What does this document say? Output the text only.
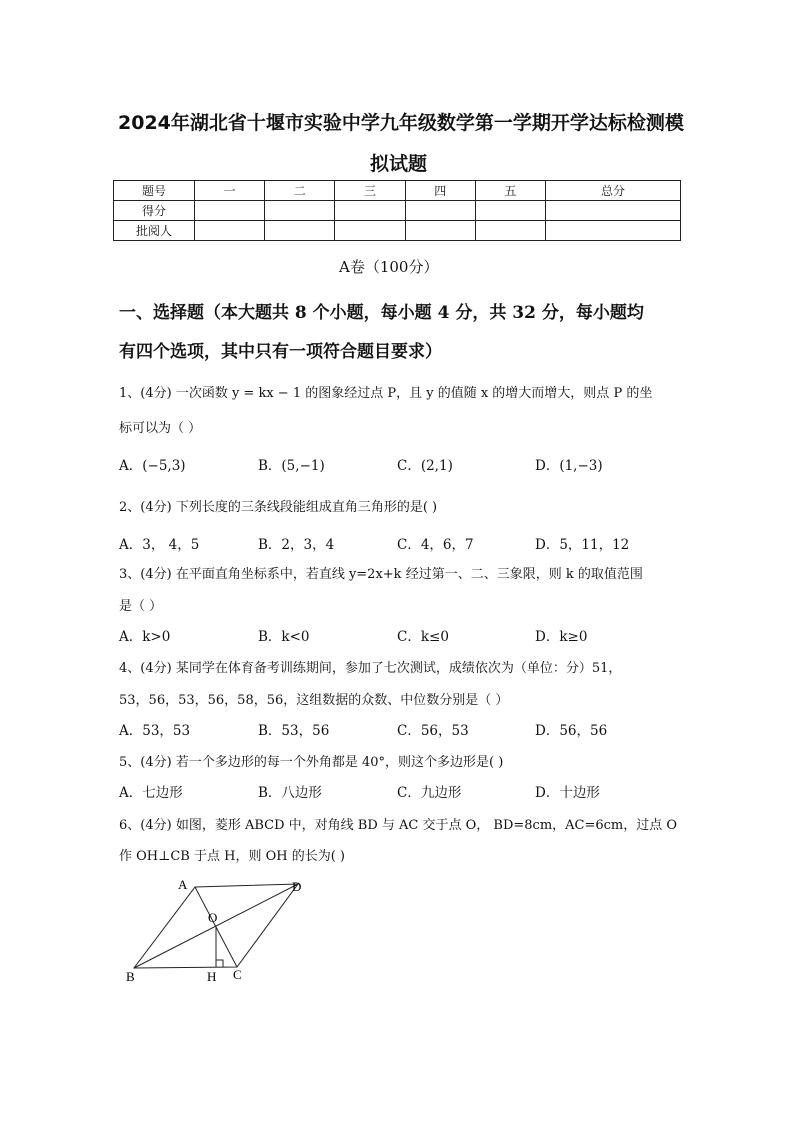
2024年湖北省十堰市实验中学九年级数学第一学期开学达标检测模
拟试题
题号	一	二	三	四	五	总分
得分						
批阅人						
A卷（100分）
一、选择题（本大题共 8 个小题，每小题 4 分，共 32 分，每小题均
有四个选项，其中只有一项符合题目要求）
1、(4分) 一次函数 y = kx − 1 的图象经过点 P，且 y 的值随 x 的增大而增大，则点 P 的坐
标可以为（ ）
A．(−5,3)	B．(5,−1)	C．(2,1)	D．(1,−3)
2、(4分) 下列长度的三条线段能组成直角三角形的是( )
A．3， 4，5	B．2，3，4	C．4，6，7	D．5，11，12
3、(4分) 在平面直角坐标系中，若直线 y=2x+k 经过第一、二、三象限，则 k 的取值范围
是（ ）
A．k>0	B．k<0	C．k≤0	D．k≥0
4、(4分) 某同学在体育备考训练期间，参加了七次测试，成绩依次为（单位：分）51，
53，56，53，56，58，56，这组数据的众数、中位数分别是（ ）
A．53，53	B．53，56	C．56，53	D．56，56
5、(4分) 若一个多边形的每一个外角都是 40°，则这个多边形是( )
A．七边形	B．八边形	C．九边形	D．十边形
6、(4分) 如图，菱形 ABCD 中，对角线 BD 与 AC 交于点 O， BD=8cm，AC=6cm，过点 O
作 OH⊥CB 于点 H，则 OH 的长为( )
A	D
O
B	H C
